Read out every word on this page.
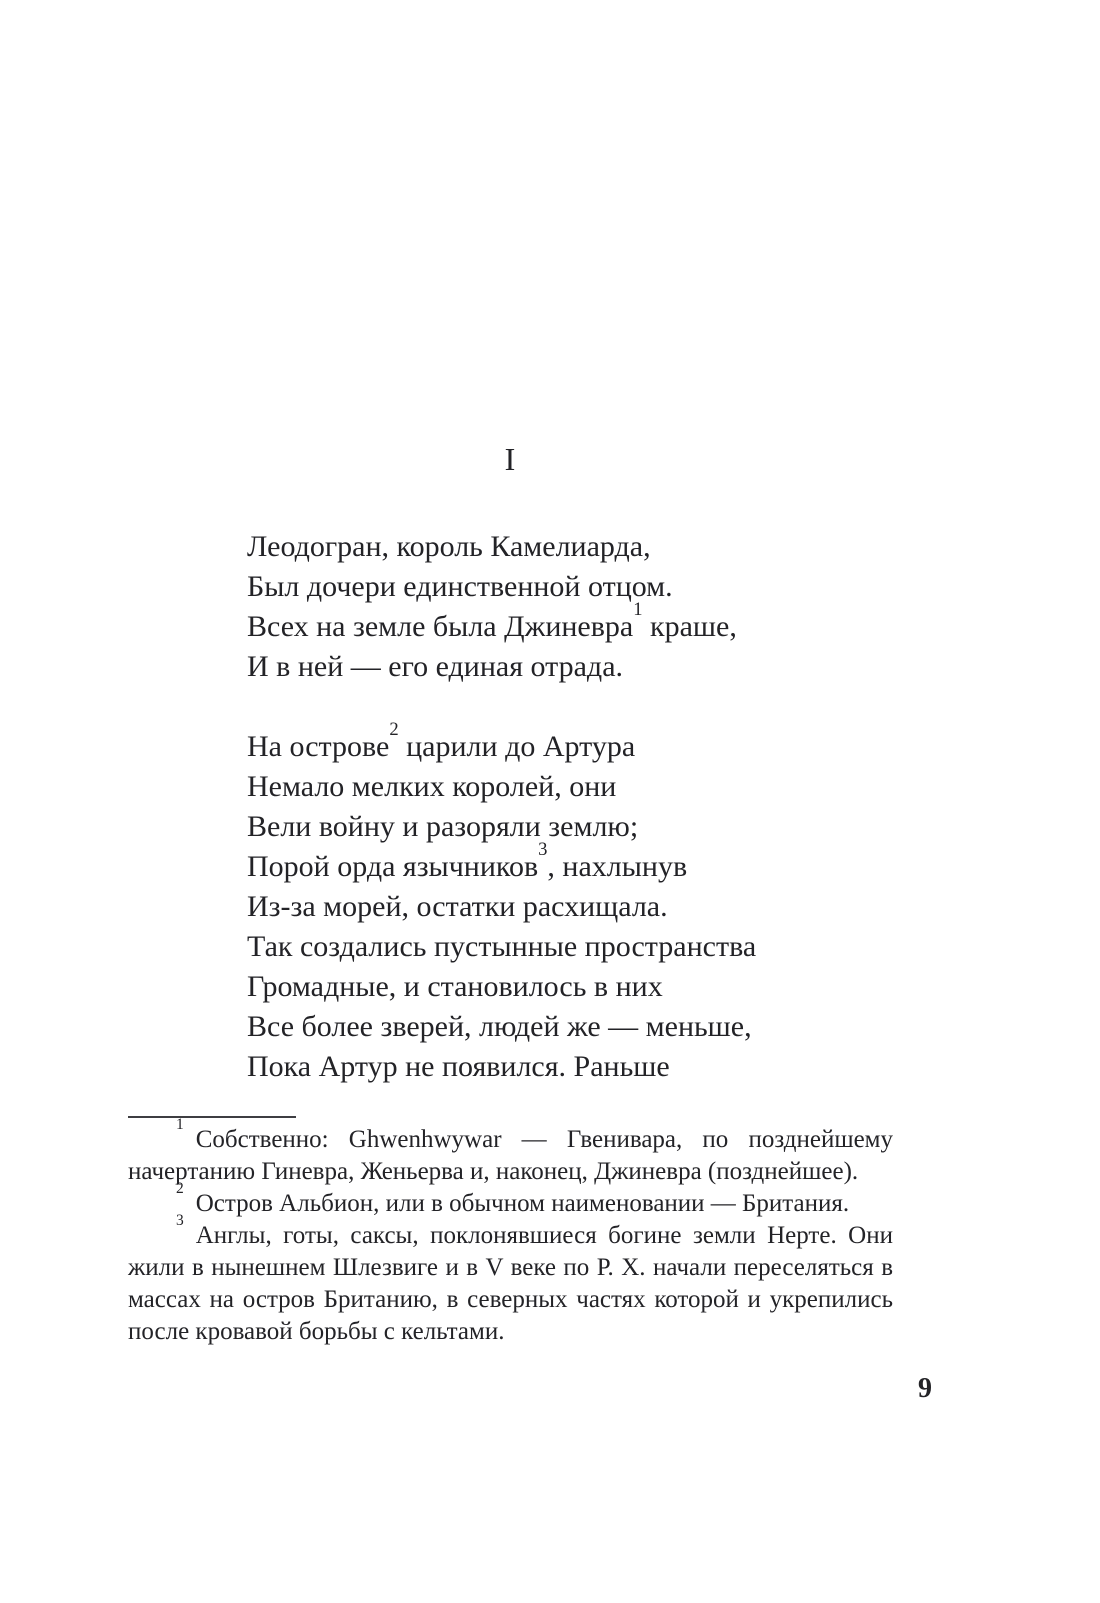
I
Леодогран, король Камелиарда,
Был дочери единственной отцом.
Всех на земле была Джиневра$^1$ краше,
И в ней — его единая отрада.
На острове$^2$ царили до Артура
Немало мелких королей, они
Вели войну и разоряли землю;
Порой орда язычников$^3$, нахлынув
Из-за морей, остатки расхищала.
Так создались пустынные пространства
Громадные, и становилось в них
Все более зверей, людей же — меньше,
Пока Артур не появился. Раньше

$^1$Собственно: Ghwenhwywar — Гвенивара, по позднейшему начертанию Гиневра, Женьерва и, наконец, Джиневра (позднейшее).

$^2$Остров Альбион, или в обычном наименовании — Британия.

$^3$Англы, готы, саксы, поклонявшиеся богине земли Нерте. Они жили в нынешнем Шлезвиге и в V веке по Р. Х. начали переселяться в массах на остров Британию, в северных частях которой и укрепились после кровавой борьбы с кельтами.

9
